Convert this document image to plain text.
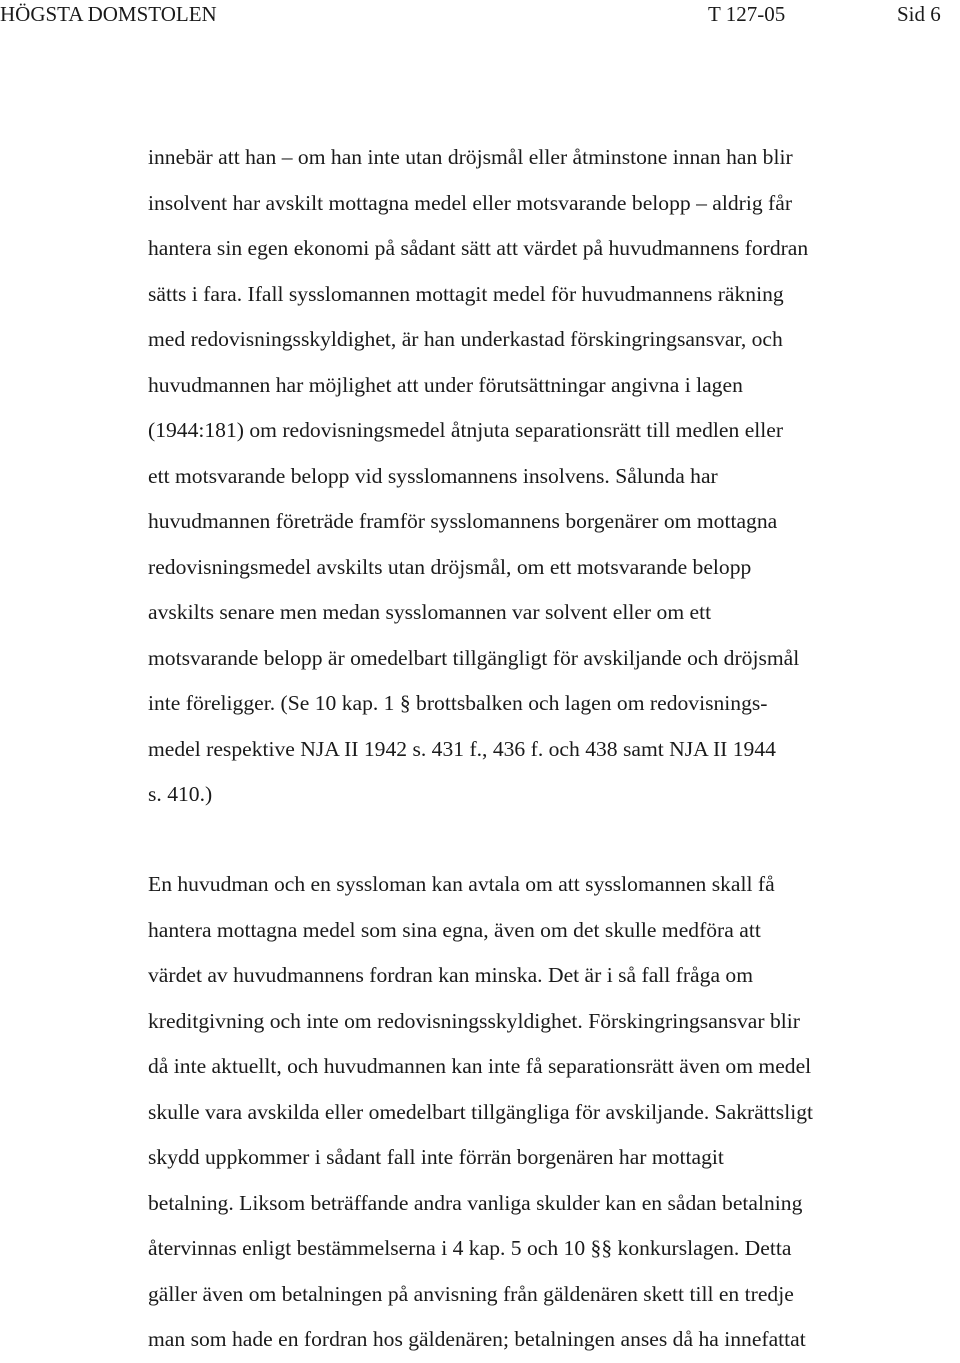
HÖGSTA DOMSTOLEN	T 127-05	Sid 6
innebär att han – om han inte utan dröjsmål eller åtminstone innan han blir
insolvent har avskilt mottagna medel eller motsvarande belopp – aldrig får
hantera sin egen ekonomi på sådant sätt att värdet på huvudmannens fordran
sätts i fara. Ifall sysslomannen mottagit medel för huvudmannens räkning
med redovisningsskyldighet, är han underkastad förskingringsansvar, och
huvudmannen har möjlighet att under förutsättningar angivna i lagen
(1944:181) om redovisningsmedel åtnjuta separationsrätt till medlen eller
ett motsvarande belopp vid sysslomannens insolvens. Sålunda har
huvudmannen företräde framför sysslomannens borgenärer om mottagna
redovisningsmedel avskilts utan dröjsmål, om ett motsvarande belopp
avskilts senare men medan sysslomannen var solvent eller om ett
motsvarande belopp är omedelbart tillgängligt för avskiljande och dröjsmål
inte föreligger. (Se 10 kap. 1 § brottsbalken och lagen om redovisnings-
medel respektive NJA II 1942 s. 431 f., 436 f. och 438 samt NJA II 1944
s. 410.)
En huvudman och en syssloman kan avtala om att sysslomannen skall få
hantera mottagna medel som sina egna, även om det skulle medföra att
värdet av huvudmannens fordran kan minska. Det är i så fall fråga om
kreditgivning och inte om redovisningsskyldighet. Förskingringsansvar blir
då inte aktuellt, och huvudmannen kan inte få separationsrätt även om medel
skulle vara avskilda eller omedelbart tillgängliga för avskiljande. Sakrättsligt
skydd uppkommer i sådant fall inte förrän borgenären har mottagit
betalning. Liksom beträffande andra vanliga skulder kan en sådan betalning
återvinnas enligt bestämmelserna i 4 kap. 5 och 10 §§ konkurslagen. Detta
gäller även om betalningen på anvisning från gäldenären skett till en tredje
man som hade en fordran hos gäldenären; betalningen anses då ha innefattat
